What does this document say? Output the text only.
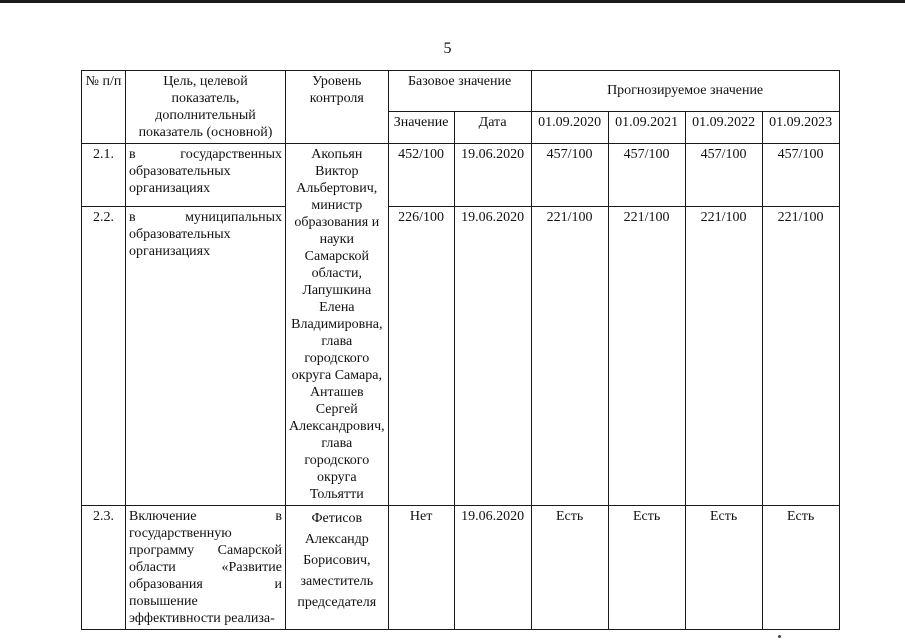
5
№ п/п	Цель, целевой показатель, дополнительный показатель (основной)	Уровень контроля	Базовое значение		Прогнозируемое значение			
			Значение	Дата	01.09.2020	01.09.2021	01.09.2022	01.09.2023
2.1.	в государственных образовательных организациях	Акопьян Виктор Альбертович, министр образования и науки Самарской области, Лапушкина Елена Владимировна, глава городского округа Самара, Анташев Сергей Александрович, глава городского округа Тольятти	452/100	19.06.2020	457/100	457/100	457/100	457/100
2.2.	в муниципальных образовательных организациях		226/100	19.06.2020	221/100	221/100	221/100	221/100
2.3.	Включение в государственную программу Самарской области «Развитие образования и повышение эффективности реализа-	Фетисов Александр Борисович, заместитель председателя	Нет	19.06.2020	Есть	Есть	Есть	Есть
